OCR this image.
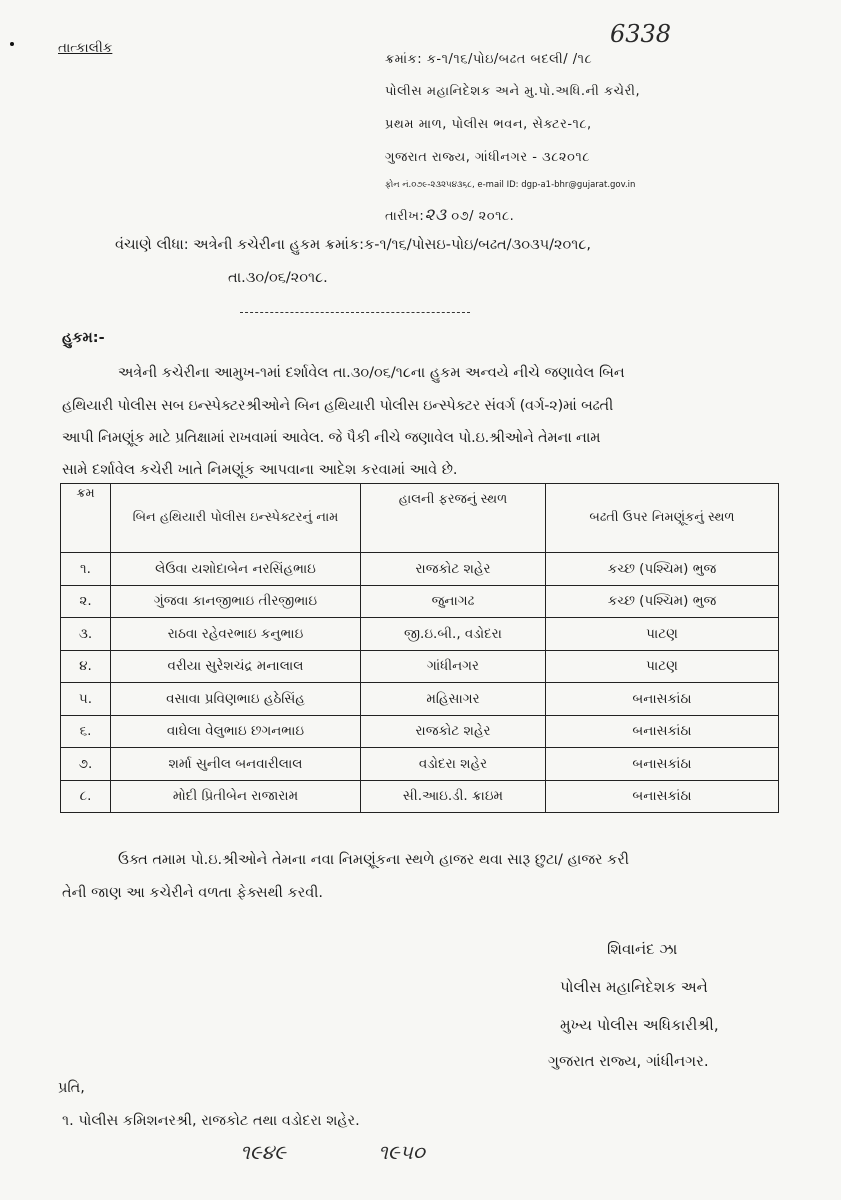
તાત્કાલીક	6338
ક્રમાંક: ક-૧/૧૬/પોઇ/બઢત બદલી/ /૧૮
પોલીસ મહાનિદેશક અને મુ.પો.અધિ.ની કચેરી,
પ્રથમ માળ, પોલીસ ભવન, સેક્ટર-૧૮,
ગુજરાત રાજ્ય, ગાંધીનગર - ૩૮૨૦૧૮
ફોન નં.૦૭૯-૨૩૨૫૪૩૬૮, e-mail ID: dgp-a1-bhr@gujarat.gov.in
તારીખ:૨૩ ૦૭/ ૨૦૧૮.
વંચાણે લીધા: અત્રેની કચેરીના હુકમ ક્રમાંક:ક-૧/૧૬/પોસઇ-પોઇ/બઢત/૩૦૩૫/૨૦૧૮,
તા.૩૦/૦૬/૨૦૧૮.
હુકમ:-
અત્રેની કચેરીના આમુખ-૧માં દર્શાવેલ તા.૩૦/૦૬/૧૮ના હુકમ અન્વયે નીચે જણાવેલ બિન
હથિયારી પોલીસ સબ ઇન્સ્પેક્ટરશ્રીઓને બિન હથિયારી પોલીસ ઇન્સ્પેક્ટર સંવર્ગ (વર્ગ-૨)માં બઢતી
આપી નિમણૂંક માટે પ્રતિક્ષામાં રાખવામાં આવેલ. જે પૈકી નીચે જણાવેલ પો.ઇ.શ્રીઓને તેમના નામ
સામે દર્શાવેલ કચેરી ખાતે નિમણૂંક આપવાના આદેશ કરવામાં આવે છે.
ક્રમ	બિન હથિયારી પોલીસ ઇન્સ્પેક્ટરનું નામ	હાલની ફરજનું સ્થળ	બઢતી ઉપર નિમણૂંકનું સ્થળ
૧.	લેઉવા યશોદાબેન નરસિંહભાઇ	રાજકોટ શહેર	કચ્છ (પશ્ચિમ) ભુજ
૨.	ગુંજવા કાનજીભાઇ તીરજીભાઇ	જુનાગઢ	કચ્છ (પશ્ચિમ) ભુજ
૩.	રાઠવા રહેવરભાઇ કનુભાઇ	જી.ઇ.બી., વડોદરા	પાટણ
૪.	વરીયા સુરેશચંદ્ર મનાલાલ	ગાંધીનગર	પાટણ
૫.	વસાવા પ્રવિણભાઇ હઠેસિંહ	મહિસાગર	બનાસકાંઠા
૬.	વાઘેલા વેલુભાઇ છગનભાઇ	રાજકોટ શહેર	બનાસકાંઠા
૭.	શર્મા સુનીલ બનવારીલાલ	વડોદરા શહેર	બનાસકાંઠા
૮.	મોદી પ્રિતીબેન રાજારામ	સી.આઇ.ડી. ક્રાઇમ	બનાસકાંઠા
ઉક્ત તમામ પો.ઇ.શ્રીઓને તેમના નવા નિમણૂંકના સ્થળે હાજર થવા સારૂ છુટા/ હાજર કરી
તેની જાણ આ કચેરીને વળતા ફેક્સથી કરવી.
શિવાનંદ ઝા
પોલીસ મહાનિદેશક અને
મુખ્ય પોલીસ અધિકારીશ્રી,
ગુજરાત રાજ્ય, ગાંધીનગર.
પ્રતિ,
૧. પોલીસ કમિશનરશ્રી, રાજકોટ તથા વડોદરા શહેર.
૧૯૪૯	૧૯૫૦
